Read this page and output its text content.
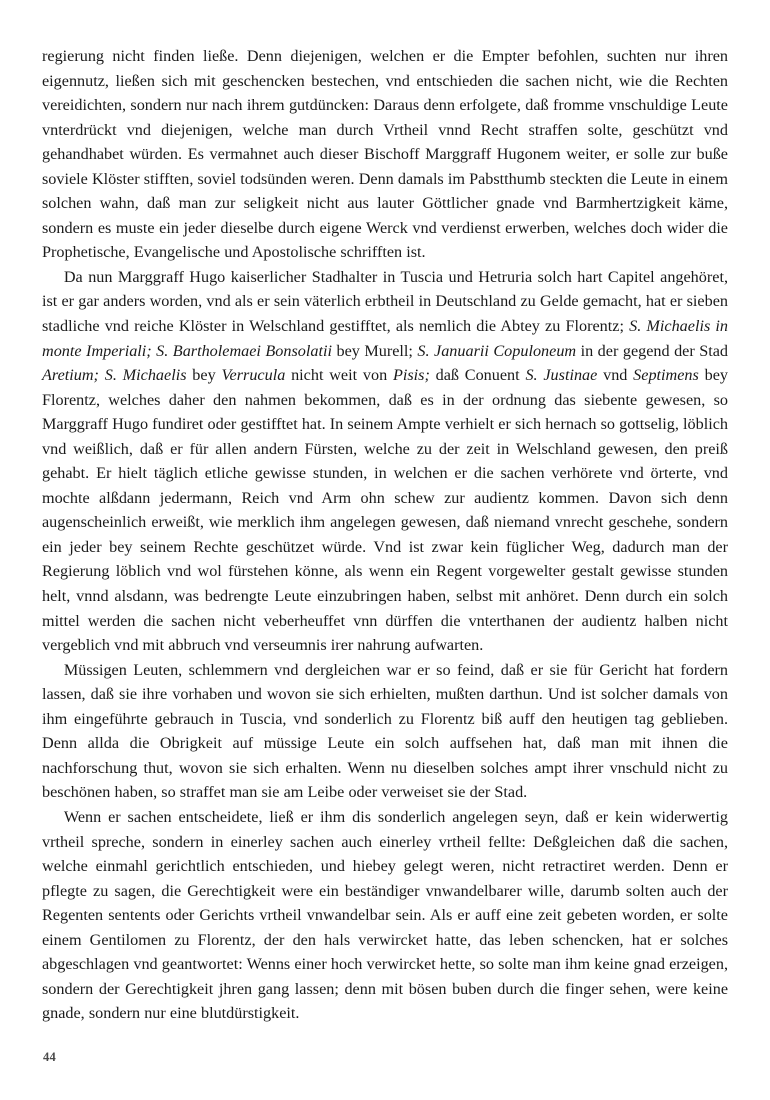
regierung nicht finden ließe. Denn diejenigen, welchen er die Empter befohlen, suchten nur ihren eigennutz, ließen sich mit geschencken bestechen, vnd entschieden die sachen nicht, wie die Rechten vereidichten, sondern nur nach ihrem gutdüncken: Daraus denn erfolgete, daß fromme vnschuldige Leute vnterdrückt vnd diejenigen, welche man durch Vrtheil vnnd Recht straffen solte, geschützt vnd gehandhabet würden. Es vermahnet auch dieser Bischoff Marggraff Hugonem weiter, er solle zur buße soviele Klöster stifften, soviel todsünden weren. Denn damals im Pabstthumb steckten die Leute in einem solchen wahn, daß man zur seligkeit nicht aus lauter Göttlicher gnade vnd Barmhertzigkeit käme, sondern es muste ein jeder dieselbe durch eigene Werck vnd verdienst erwerben, welches doch wider die Prophetische, Evangelische und Apostolische schrifften ist.

Da nun Marggraff Hugo kaiserlicher Stadhalter in Tuscia und Hetruria solch hart Capitel angehöret, ist er gar anders worden, vnd als er sein väterlich erbtheil in Deutschland zu Gelde gemacht, hat er sieben stadliche vnd reiche Klöster in Welschland gestifftet, als nemlich die Abtey zu Florentz; S. Michaelis in monte Imperiali; S. Bartholemaei Bonsolatii bey Murell; S. Januarii Copuloneum in der gegend der Stad Aretium; S. Michaelis bey Verrucula nicht weit von Pisis; daß Conuent S. Justinae vnd Septimens bey Florentz, welches daher den nahmen bekommen, daß es in der ordnung das siebente gewesen, so Marggraff Hugo fundiret oder gestifftet hat. In seinem Ampte verhielt er sich hernach so gottselig, löblich vnd weißlich, daß er für allen andern Fürsten, welche zu der zeit in Welschland gewesen, den preiß gehabt. Er hielt täglich etliche gewisse stunden, in welchen er die sachen verhörete vnd örterte, vnd mochte alßdann jedermann, Reich vnd Arm ohn schew zur audientz kommen. Davon sich denn augenscheinlich erweißt, wie merklich ihm angelegen gewesen, daß niemand vnrecht geschehe, sondern ein jeder bey seinem Rechte geschützet würde. Vnd ist zwar kein füglicher Weg, dadurch man der Regierung löblich vnd wol fürstehen könne, als wenn ein Regent vorgewelter gestalt gewisse stunden helt, vnnd alsdann, was bedrengte Leute einzubringen haben, selbst mit anhöret. Denn durch ein solch mittel werden die sachen nicht veberheuffet vnn dürffen die vnterthanen der audientz halben nicht vergeblich vnd mit abbruch vnd verseumnis irer nahrung aufwarten.

Müssigen Leuten, schlemmern vnd dergleichen war er so feind, daß er sie für Gericht hat fordern lassen, daß sie ihre vorhaben und wovon sie sich erhielten, mußten darthun. Und ist solcher damals von ihm eingeführte gebrauch in Tuscia, vnd sonderlich zu Florentz biß auff den heutigen tag geblieben. Denn allda die Obrigkeit auf müssige Leute ein solch auffsehen hat, daß man mit ihnen die nachforschung thut, wovon sie sich erhalten. Wenn nu dieselben solches ampt ihrer vnschuld nicht zu beschönen haben, so straffet man sie am Leibe oder verweiset sie der Stad.

Wenn er sachen entscheidete, ließ er ihm dis sonderlich angelegen seyn, daß er kein widerwertig vrtheil spreche, sondern in einerley sachen auch einerley vrtheil fellte: Deßgleichen daß die sachen, welche einmahl gerichtlich entschieden, und hiebey gelegt weren, nicht retractiret werden. Denn er pflegte zu sagen, die Gerechtigkeit were ein beständiger vnwandelbarer wille, darumb solten auch der Regenten sentents oder Gerichts vrtheil vnwandelbar sein. Als er auff eine zeit gebeten worden, er solte einem Gentilomen zu Florentz, der den hals verwircket hatte, das leben schencken, hat er solches abgeschlagen vnd geantwortet: Wenns einer hoch verwircket hette, so solte man ihm keine gnad erzeigen, sondern der Gerechtigkeit jhren gang lassen; denn mit bösen buben durch die finger sehen, were keine gnade, sondern nur eine blutdürstigkeit.

44
